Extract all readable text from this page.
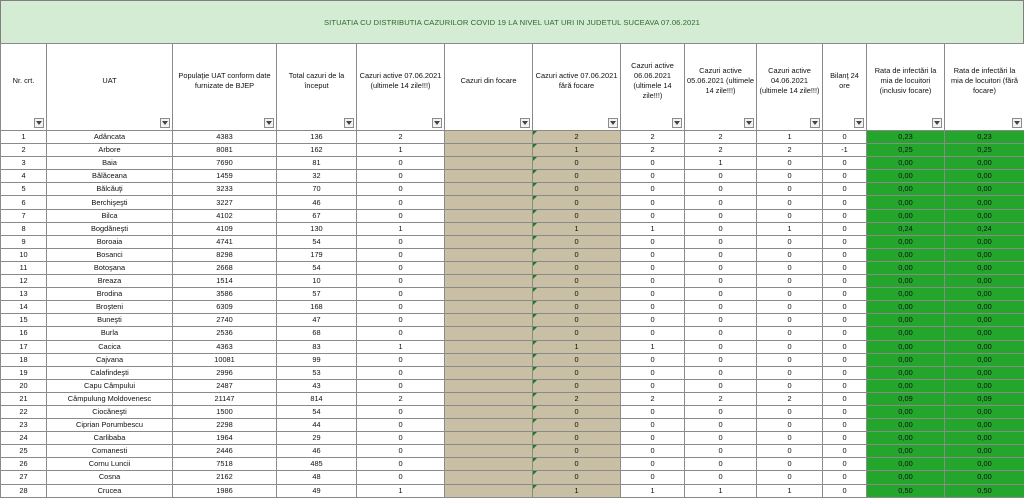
SITUATIA CU DISTRIBUTIA CAZURILOR COVID 19 LA NIVEL UAT URI IN JUDETUL SUCEAVA 07.06.2021
Nr. crt.	UAT	Populaţie UAT conform date furnizate de BJEP	Total cazuri de la început	Cazuri active 07.06.2021 (ultimele 14 zile!!!)	Cazuri din focare	Cazuri active 07.06.2021 fără focare	Cazuri active 06.06.2021 (ultimele 14 zile!!!)	Cazuri active 05.06.2021 (ultimele 14 zile!!!)	Cazuri active 04.06.2021 (ultimele 14 zile!!!)	Bilanţ 24 ore	Rata de infectări la mia de locuitori (inclusiv focare)	Rata de infectări la mia de locuitori (fără focare)

1	Adâncata	4383	136	2		2	2	2	1	0	0,23	0,23
2	Arbore	8081	162	1		1	2	2	2	-1	0,25	0,25
3	Baia	7690	81	0		0	0	1	0	0	0,00	0,00
4	Bălăceana	1459	32	0		0	0	0	0	0	0,00	0,00
5	Bălcăuţi	3233	70	0		0	0	0	0	0	0,00	0,00
6	Berchişeşti	3227	46	0		0	0	0	0	0	0,00	0,00
7	Bilca	4102	67	0		0	0	0	0	0	0,00	0,00
8	Bogdăneşti	4109	130	1		1	1	0	1	0	0,24	0,24
9	Boroaia	4741	54	0		0	0	0	0	0	0,00	0,00
10	Bosanci	8298	179	0		0	0	0	0	0	0,00	0,00
11	Botoşana	2668	54	0		0	0	0	0	0	0,00	0,00
12	Breaza	1514	10	0		0	0	0	0	0	0,00	0,00
13	Brodina	3586	57	0		0	0	0	0	0	0,00	0,00
14	Broşteni	6309	168	0		0	0	0	0	0	0,00	0,00
15	Buneşti	2740	47	0		0	0	0	0	0	0,00	0,00
16	Burla	2536	68	0		0	0	0	0	0	0,00	0,00
17	Cacica	4363	83	1		1	1	0	0	0	0,00	0,00
18	Cajvana	10081	99	0		0	0	0	0	0	0,00	0,00
19	Calafindeşti	2996	53	0		0	0	0	0	0	0,00	0,00
20	Capu Câmpului	2487	43	0		0	0	0	0	0	0,00	0,00
21	Câmpulung Moldovenesc	21147	814	2		2	2	2	2	0	0,09	0,09
22	Ciocăneşti	1500	54	0		0	0	0	0	0	0,00	0,00
23	Ciprian Porumbescu	2298	44	0		0	0	0	0	0	0,00	0,00
24	Carlibaba	1964	29	0		0	0	0	0	0	0,00	0,00
25	Comanesti	2446	46	0		0	0	0	0	0	0,00	0,00
26	Cornu Luncii	7518	485	0		0	0	0	0	0	0,00	0,00
27	Cosna	2162	48	0		0	0	0	0	0	0,00	0,00
28	Crucea	1986	49	1		1	1	1	1	0	0,50	0,50
